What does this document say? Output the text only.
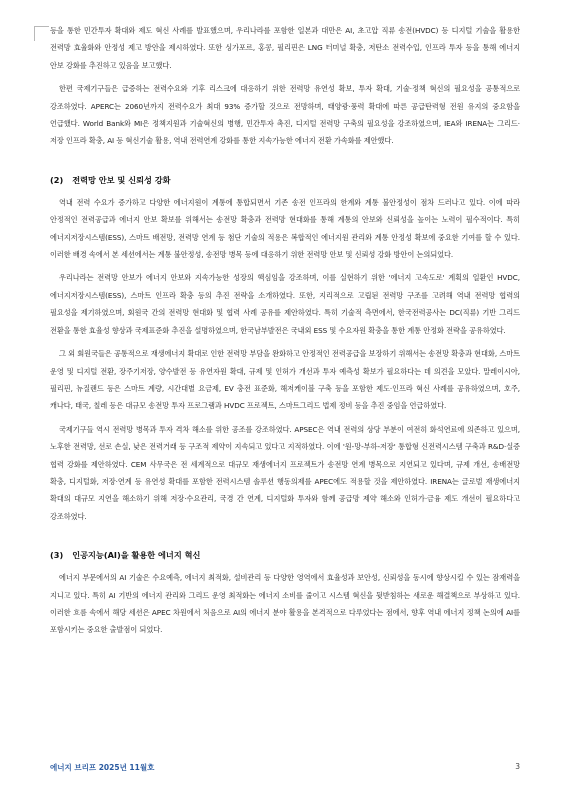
등을 통한 민간투자 확대와 제도 혁신 사례를 발표했으며, 우리나라를 포함한 일본과 대만은 AI, 초고압 직류 송전(HVDC) 등 디지털 기술을 활용한 전력망 효율화와 안정성 제고 방안을 제시하였다. 또한 싱가포르, 홍콩, 필리핀은 LNG 터미널 확충, 저탄소 전력수입, 인프라 투자 등을 통해 에너지 안보 강화를 추진하고 있음을 보고했다.

한편 국제기구들은 급증하는 전력수요와 기후 리스크에 대응하기 위한 전력망 유연성 확보, 투자 확대, 기술·정책 혁신의 필요성을 공통적으로 강조하였다. APERC는 2060년까지 전력수요가 최대 93% 증가할 것으로 전망하며, 태양광·풍력 확대에 따른 공급탄력형 전원 유지의 중요함을 언급했다. World Bank와 MI은 정책지원과 기술혁신의 병행, 민간투자 촉진, 디지털 전력망 구축의 필요성을 강조하였으며, IEA와 IRENA는 그리드·저장 인프라 확충, AI 등 혁신기술 활용, 역내 전력연계 강화를 통한 지속가능한 에너지 전환 가속화를 제안했다.

(2) 전력망 안보 및 신뢰성 강화

역내 전력 수요가 증가하고 다양한 에너지원이 계통에 통합되면서 기존 송전 인프라의 한계와 계통 불안정성이 점차 드러나고 있다. 이에 따라 안정적인 전력공급과 에너지 안보 확보를 위해서는 송전망 확충과 전력망 현대화를 통해 계통의 안보와 신뢰성을 높이는 노력이 필수적이다. 특히 에너지저장시스템(ESS), 스마트 배전망, 전력망 연계 등 첨단 기술의 적용은 복합적인 에너지원 관리와 계통 안정성 확보에 중요한 기여를 할 수 있다. 이러한 배경 속에서 본 세션에서는 계통 불안정성, 송전망 병목 등에 대응하기 위한 전력망 안보 및 신뢰성 강화 방안이 논의되었다.

우리나라는 전력망 안보가 에너지 안보와 지속가능한 성장의 핵심임을 강조하며, 이를 실현하기 위한 '에너지 고속도로' 계획의 일환인 HVDC, 에너지저장시스템(ESS), 스마트 인프라 확충 등의 추진 전략을 소개하였다. 또한, 지리적으로 고립된 전력망 구조를 고려해 역내 전력망 협력의 필요성을 제기하였으며, 회원국 간의 전력망 현대화 및 협력 사례 공유를 제안하였다. 특히 기술적 측면에서, 한국전력공사는 DC(직류) 기반 그리드 전환을 통한 효율성 향상과 국제표준화 추진을 설명하였으며, 한국남부발전은 국내외 ESS 및 수요자원 확충을 통한 계통 안정화 전략을 공유하였다.

그 외 회원국들은 공통적으로 재생에너지 확대로 인한 전력망 부담을 완화하고 안정적인 전력공급을 보장하기 위해서는 송전망 확충과 현대화, 스마트 운영 및 디지털 전환, 장주기저장, 양수발전 등 유연자원 확대, 규제 및 인허가 개선과 투자 예측성 확보가 필요하다는 데 의견을 모았다. 말레이시아, 필리핀, 뉴질랜드 등은 스마트 계량, 시간대별 요금제, EV 충전 표준화, 해저케이블 구축 등을 포함한 제도·인프라 혁신 사례를 공유하였으며, 호주, 캐나다, 태국, 칠레 등은 대규모 송전망 투자 프로그램과 HVDC 프로젝트, 스마트그리드 법제 정비 등을 추진 중임을 언급하였다.

국제기구들 역시 전력망 병목과 투자 격차 해소를 위한 공조를 강조하였다. APSEC은 역내 전력의 상당 부분이 여전히 화석연료에 의존하고 있으며, 노후한 전력망, 선로 손실, 낮은 전력거래 등 구조적 제약이 지속되고 있다고 지적하였다. 이에 '원-망-부하-저장' 통합형 신전력시스템 구축과 R&D·실증 협력 강화를 제안하였다. CEM 사무국은 전 세계적으로 대규모 재생에너지 프로젝트가 송전망 연계 병목으로 지연되고 있다며, 규제 개선, 송배전망 확충, 디지털화, 저장·연계 등 유연성 확대를 포함한 전력시스템 솔루션 행동의제를 APEC에도 적용할 것을 제안하였다. IRENA는 글로벌 재생에너지 확대의 대규모 지연을 해소하기 위해 저장·수요관리, 국경 간 연계, 디지털화 투자와 함께 공급망 제약 해소와 인허가·금융 제도 개선이 필요하다고 강조하였다.

(3) 인공지능(AI)을 활용한 에너지 혁신

에너지 부문에서의 AI 기술은 수요예측, 에너지 최적화, 설비관리 등 다양한 영역에서 효율성과 보안성, 신뢰성을 동시에 향상시킬 수 있는 잠재력을 지니고 있다. 특히 AI 기반의 에너지 관리와 그리드 운영 최적화는 에너지 소비를 줄이고 시스템 혁신을 뒷받침하는 새로운 해결책으로 부상하고 있다. 이러한 흐름 속에서 해당 세션은 APEC 차원에서 처음으로 AI의 에너지 분야 활용을 본격적으로 다루었다는 점에서, 향후 역내 에너지 정책 논의에 AI를 포함시키는 중요한 출발점이 되었다.

에너지 브리프 2025년 11월호	3
